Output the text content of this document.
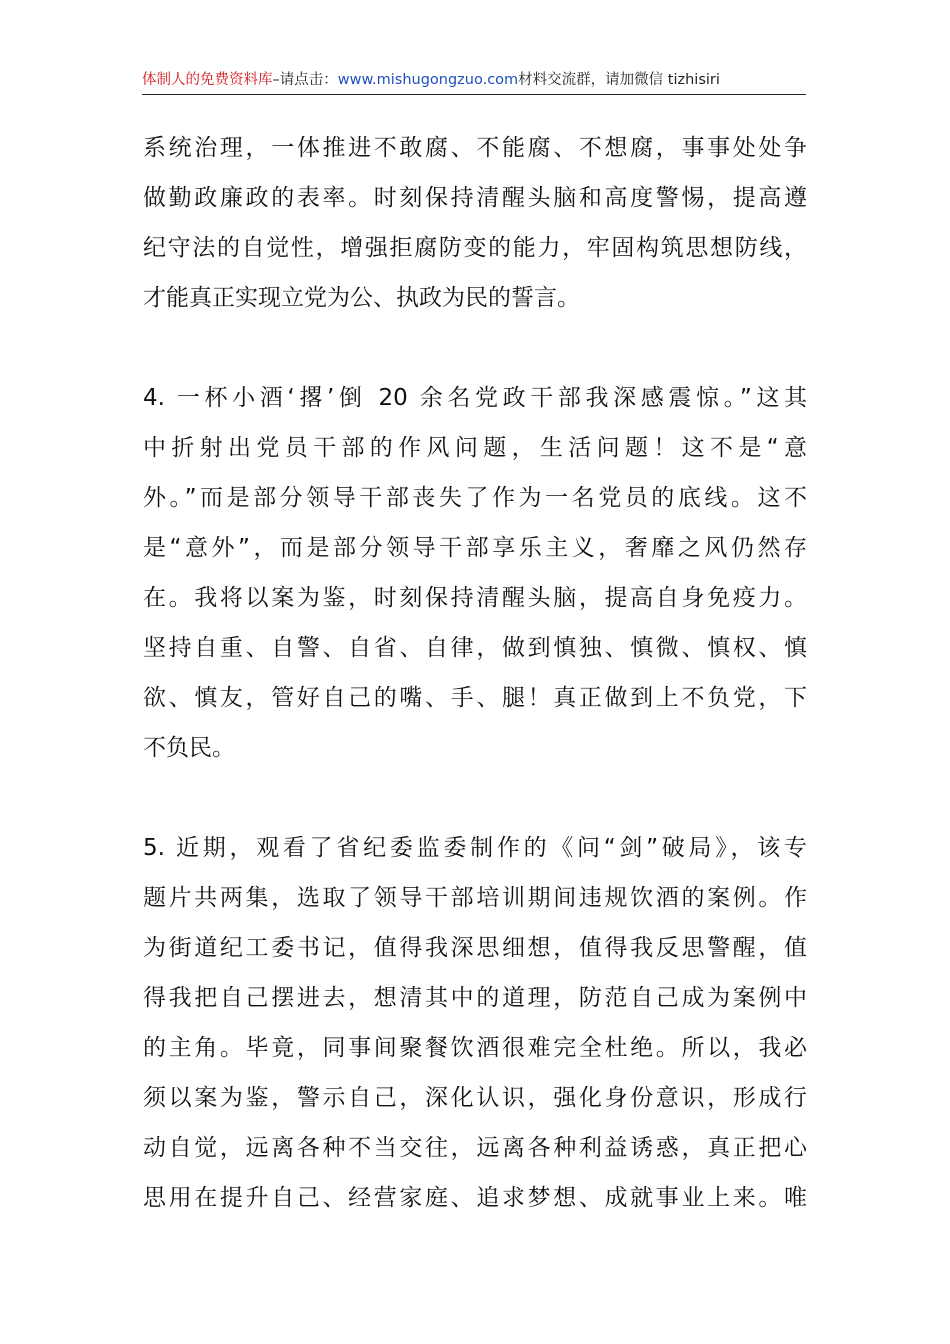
体制人的免费资料库–请点击：www.mishugongzuo.com材料交流群，请加微信 tizhisiri
系统治理，一体推进不敢腐、不能腐、不想腐，事事处处争
做勤政廉政的表率。时刻保持清醒头脑和高度警惕，提高遵
纪守法的自觉性，增强拒腐防变的能力，牢固构筑思想防线，
才能真正实现立党为公、执政为民的誓言。
4. 一杯小酒‘撂’倒 20 余名党政干部我深感震惊。”这其
中折射出党员干部的作风问题，生活问题！这不是“意
外。”而是部分领导干部丧失了作为一名党员的底线。这不
是“意外”，而是部分领导干部享乐主义，奢靡之风仍然存
在。我将以案为鉴，时刻保持清醒头脑，提高自身免疫力。
坚持自重、自警、自省、自律，做到慎独、慎微、慎权、慎
欲、慎友，管好自己的嘴、手、腿！真正做到上不负党，下
不负民。
5. 近期，观看了省纪委监委制作的《问“剑”破局》，该专
题片共两集，选取了领导干部培训期间违规饮酒的案例。作
为街道纪工委书记，值得我深思细想，值得我反思警醒，值
得我把自己摆进去，想清其中的道理，防范自己成为案例中
的主角。毕竟，同事间聚餐饮酒很难完全杜绝。所以，我必
须以案为鉴，警示自己，深化认识，强化身份意识，形成行
动自觉，远离各种不当交往，远离各种利益诱惑，真正把心
思用在提升自己、经营家庭、追求梦想、成就事业上来。唯
